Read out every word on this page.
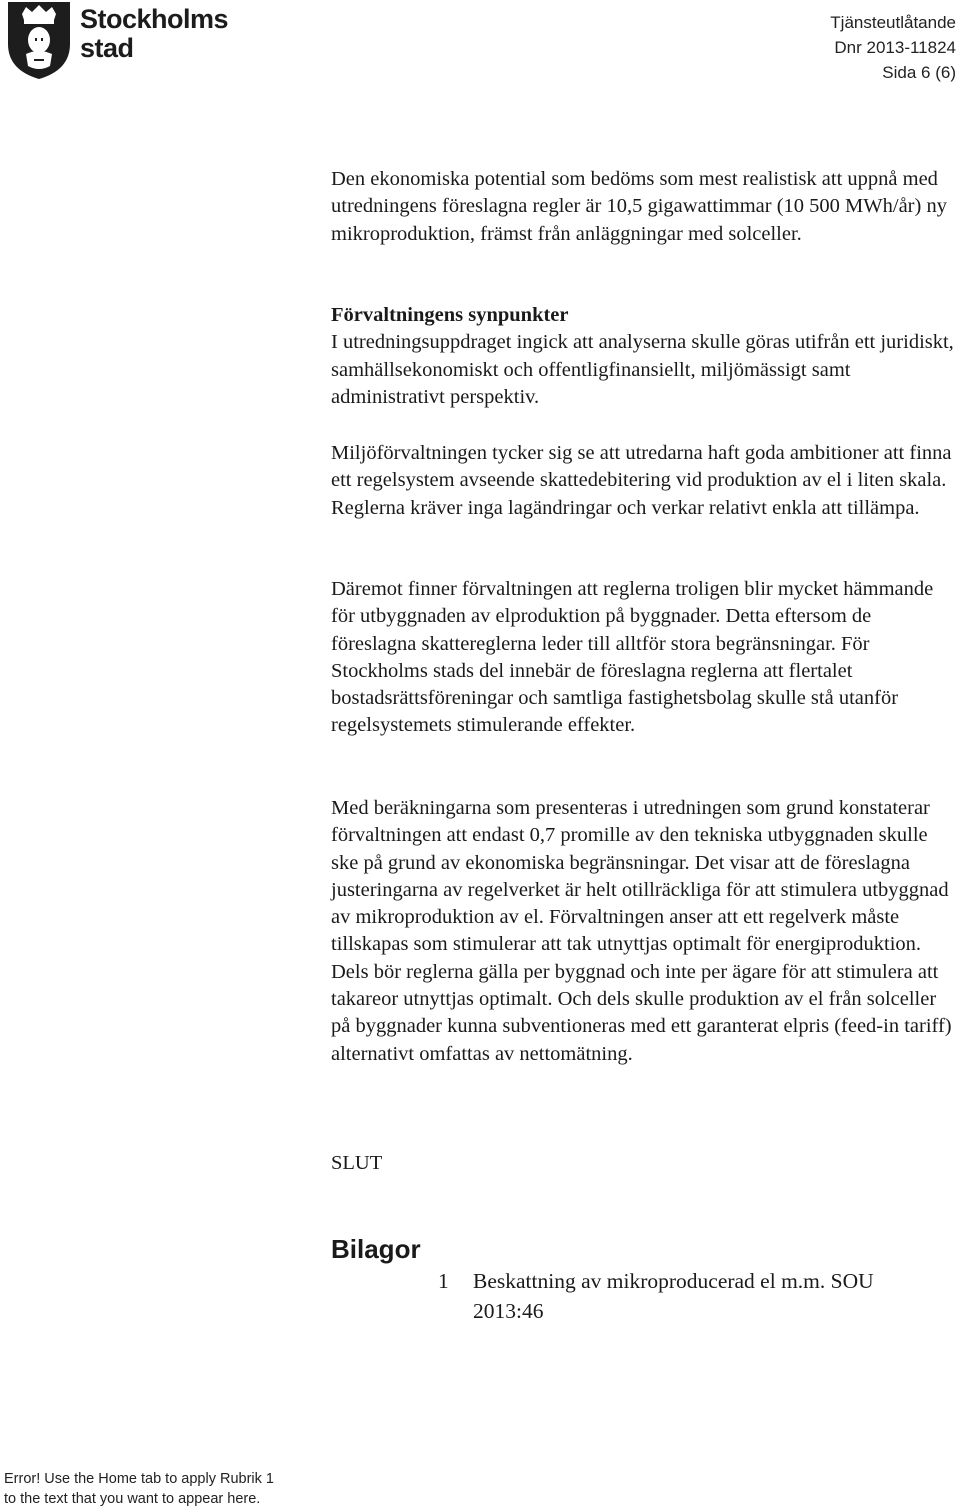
Stockholms
stad
Tjänsteutlåtande
Dnr 2013-11824
Sida 6 (6)

Den ekonomiska potential som bedöms som mest realistisk att uppnå med utredningens föreslagna regler är 10,5 gigawattimmar (10 500 MWh/år) ny mikroproduktion, främst från anläggningar med solceller.

Förvaltningens synpunkter

I utredningsuppdraget ingick att analyserna skulle göras utifrån ett juridiskt, samhällsekonomiskt och offentligfinansiellt, miljömässigt samt administrativt perspektiv.

Miljöförvaltningen tycker sig se att utredarna haft goda ambitioner att finna ett regelsystem avseende skattedebitering vid produktion av el i liten skala. Reglerna kräver inga lagändringar och verkar relativt enkla att tillämpa.

Däremot finner förvaltningen att reglerna troligen blir mycket hämmande för utbyggnaden av elproduktion på byggnader. Detta eftersom de föreslagna skattereglerna leder till alltför stora begränsningar. För Stockholms stads del innebär de föreslagna reglerna att flertalet bostadsrättsföreningar och samtliga fastighetsbolag skulle stå utanför regelsystemets stimulerande effekter.

Med beräkningarna som presenteras i utredningen som grund konstaterar förvaltningen att endast 0,7 promille av den tekniska utbyggnaden skulle ske på grund av ekonomiska begränsningar. Det visar att de föreslagna justeringarna av regelverket är helt otillräckliga för att stimulera utbyggnad av mikroproduktion av el. Förvaltningen anser att ett regelverk måste tillskapas som stimulerar att tak utnyttjas optimalt för energiproduktion. Dels bör reglerna gälla per byggnad och inte per ägare för att stimulera att takareor utnyttjas optimalt. Och dels skulle produktion av el från solceller på byggnader kunna subventioneras med ett garanterat elpris (feed-in tariff) alternativt omfattas av nettomätning.

SLUT

Bilagor
1 Beskattning av mikroproducerad el m.m. SOU 2013:46
Error! Use the Home tab to apply Rubrik 1
to the text that you want to appear here.
